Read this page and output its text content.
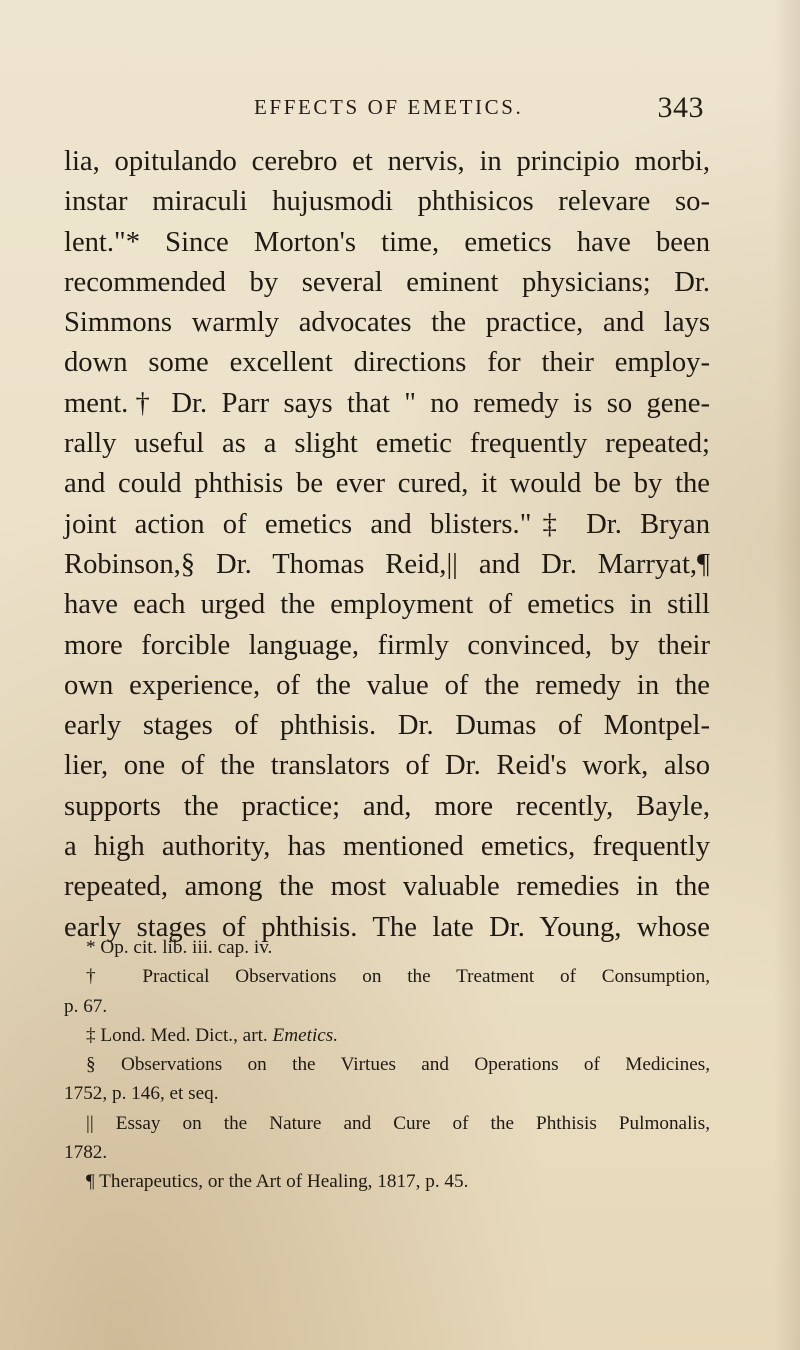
EFFECTS OF EMETICS.	343
lia, opitulando cerebro et nervis, in principio morbi,
instar miraculi hujusmodi phthisicos relevare so-
lent."* Since Morton's time, emetics have been
recommended by several eminent physicians; Dr.
Simmons warmly advocates the practice, and lays
down some excellent directions for their employ-
ment.† Dr. Parr says that " no remedy is so gene-
rally useful as a slight emetic frequently repeated;
and could phthisis be ever cured, it would be by the
joint action of emetics and blisters."‡ Dr. Bryan
Robinson,§ Dr. Thomas Reid,|| and Dr. Marryat,¶
have each urged the employment of emetics in still
more forcible language, firmly convinced, by their
own experience, of the value of the remedy in the
early stages of phthisis. Dr. Dumas of Montpel-
lier, one of the translators of Dr. Reid's work, also
supports the practice; and, more recently, Bayle,
a high authority, has mentioned emetics, frequently
repeated, among the most valuable remedies in the
early stages of phthisis. The late Dr. Young, whose
* Op. cit. lib. iii. cap. iv.
† Practical Observations on the Treatment of Consumption,
p. 67.
‡ Lond. Med. Dict., art. Emetics.
§ Observations on the Virtues and Operations of Medicines,
1752, p. 146, et seq.
|| Essay on the Nature and Cure of the Phthisis Pulmonalis,
1782.
¶ Therapeutics, or the Art of Healing, 1817, p. 45.
